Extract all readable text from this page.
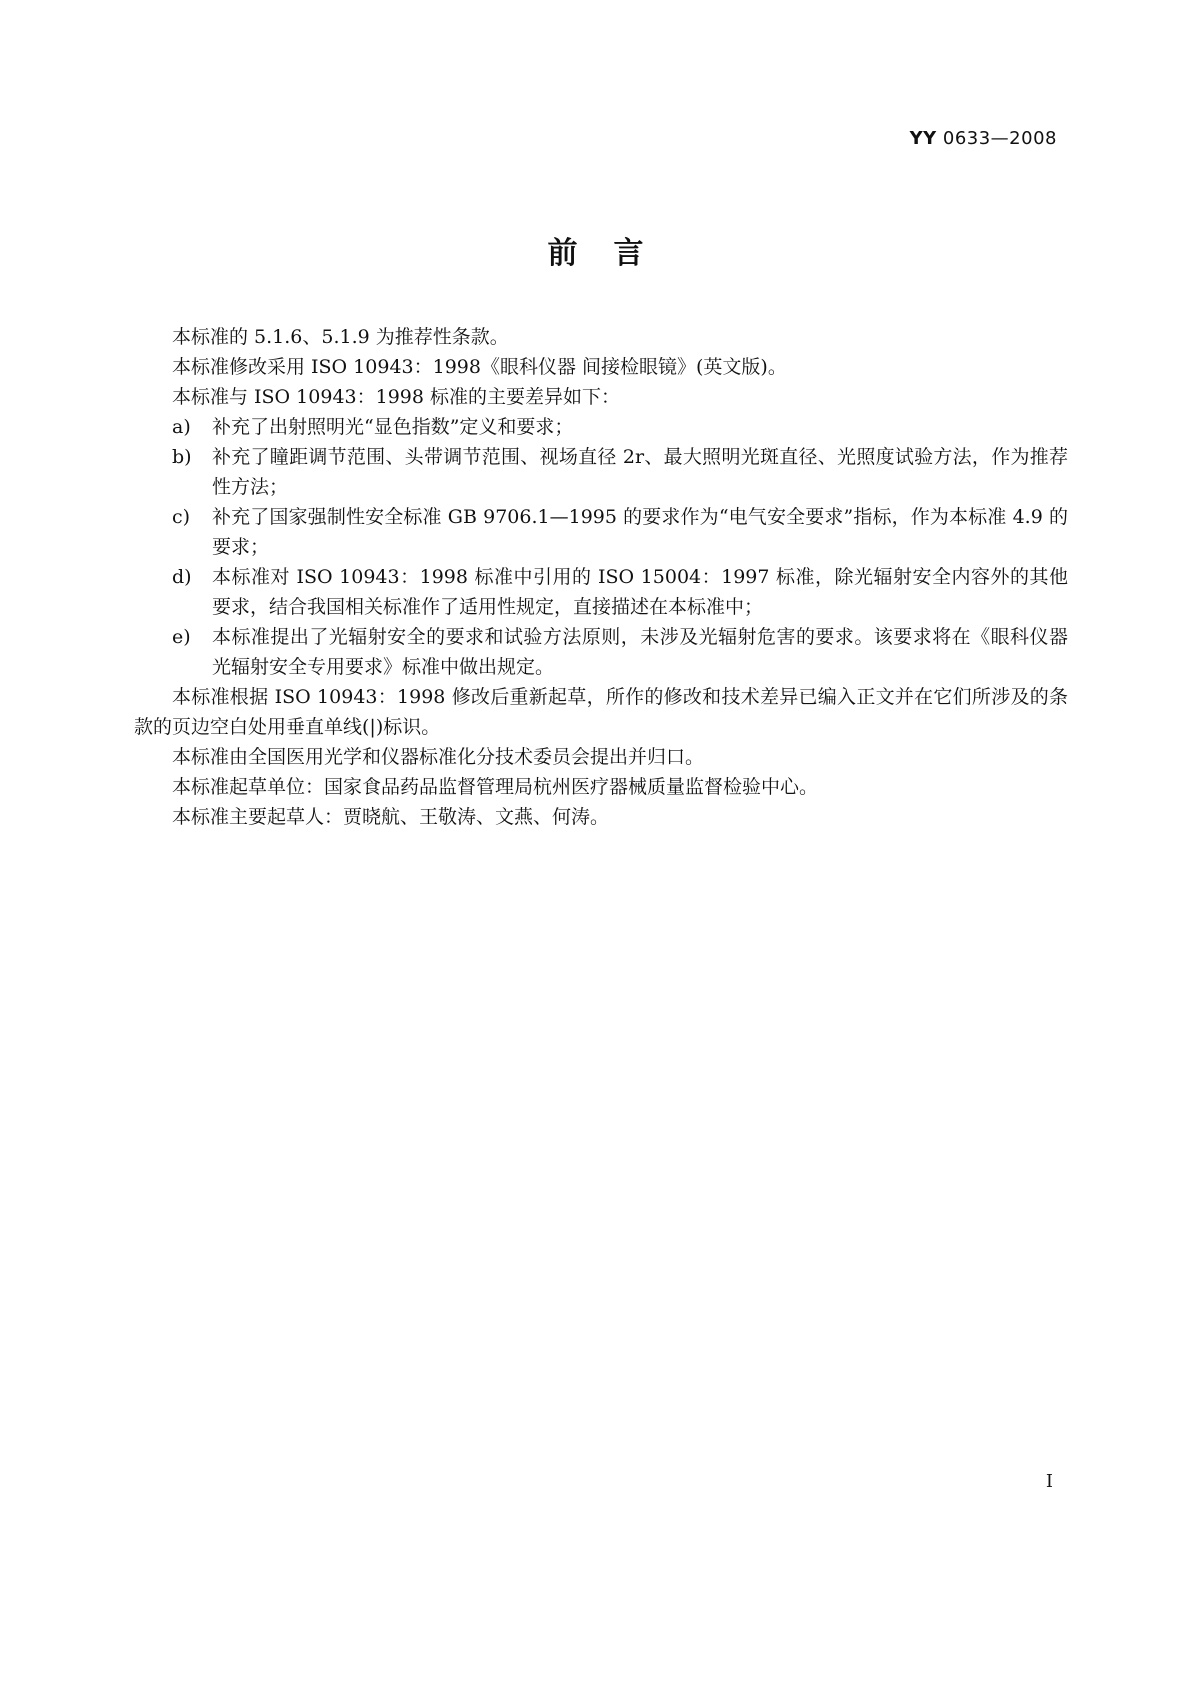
YY 0633—2008
前言

本标准的 5.1.6、5.1.9 为推荐性条款。

本标准修改采用 ISO 10943：1998《眼科仪器 间接检眼镜》(英文版)。

本标准与 ISO 10943：1998 标准的主要差异如下：

a)	补充了出射照明光“显色指数”定义和要求；
b)	补充了瞳距调节范围、头带调节范围、视场直径 2r、最大照明光斑直径、光照度试验方法，作为推荐性方法；
c)	补充了国家强制性安全标准 GB 9706.1—1995 的要求作为“电气安全要求”指标，作为本标准 4.9 的要求；
d)	本标准对 ISO 10943：1998 标准中引用的 ISO 15004：1997 标准，除光辐射安全内容外的其他要求，结合我国相关标准作了适用性规定，直接描述在本标准中；
e)	本标准提出了光辐射安全的要求和试验方法原则，未涉及光辐射危害的要求。该要求将在《眼科仪器　光辐射安全专用要求》标准中做出规定。

本标准根据 ISO 10943：1998 修改后重新起草，所作的修改和技术差异已编入正文并在它们所涉及的条款的页边空白处用垂直单线(|)标识。

本标准由全国医用光学和仪器标准化分技术委员会提出并归口。

本标准起草单位：国家食品药品监督管理局杭州医疗器械质量监督检验中心。

本标准主要起草人：贾晓航、王敬涛、文燕、何涛。

I
